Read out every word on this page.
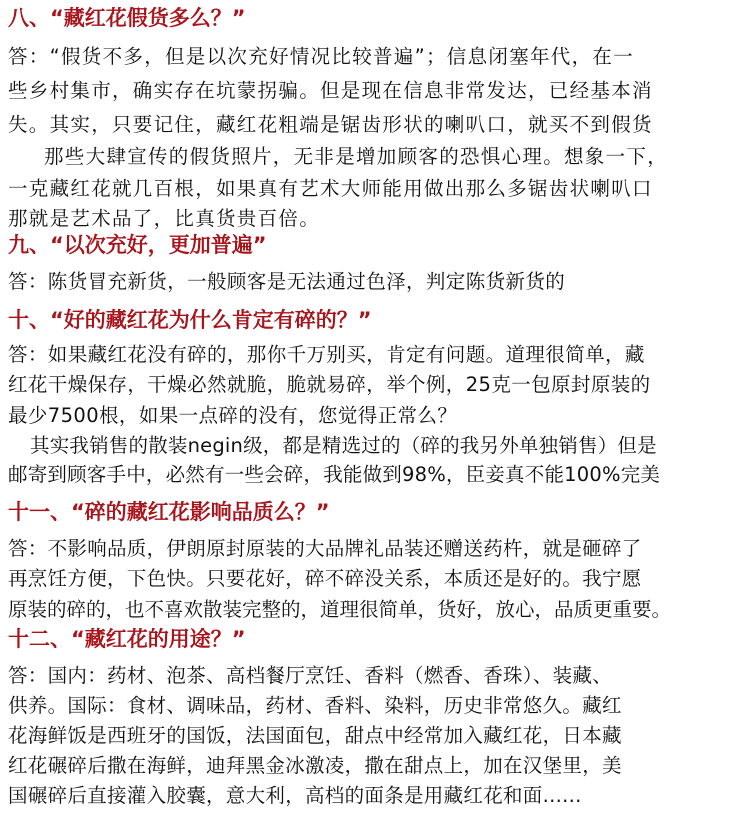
八、“藏红花假货多么？”

答：“假货不多，但是以次充好情况比较普遍”；信息闭塞年代，在一

些乡村集市，确实存在坑蒙拐骗。但是现在信息非常发达，已经基本消

失。其实，只要记住，藏红花粗端是锯齿形状的喇叭口，就买不到假货

那些大肆宣传的假货照片，无非是增加顾客的恐惧心理。想象一下，

一克藏红花就几百根，如果真有艺术大师能用做出那么多锯齿状喇叭口

那就是艺术品了，比真货贵百倍。

九、“以次充好，更加普遍”

答：陈货冒充新货，一般顾客是无法通过色泽，判定陈货新货的

十、“好的藏红花为什么肯定有碎的？”

答：如果藏红花没有碎的，那你千万别买，肯定有问题。道理很简单，藏

红花干燥保存，干燥必然就脆，脆就易碎，举个例，25克一包原封原装的

最少7500根，如果一点碎的没有，您觉得正常么？

其实我销售的散装negin级，都是精选过的（碎的我另外单独销售）但是

邮寄到顾客手中，必然有一些会碎，我能做到98%，臣妾真不能100%完美

十一、“碎的藏红花影响品质么？”

答：不影响品质，伊朗原封原装的大品牌礼品装还赠送药杵，就是砸碎了

再烹饪方便，下色快。只要花好，碎不碎没关系，本质还是好的。我宁愿

原装的碎的，也不喜欢散装完整的，道理很简单，货好，放心，品质更重要。

十二、“藏红花的用途？”

答：国内：药材、泡茶、高档餐厅烹饪、香料（燃香、香珠）、装藏、

供养。国际：食材、调味品，药材、香料、染料，历史非常悠久。藏红

花海鲜饭是西班牙的国饭，法国面包，甜点中经常加入藏红花，日本藏

红花碾碎后撒在海鲜，迪拜黑金冰激凌，撒在甜点上，加在汉堡里，美

国碾碎后直接灌入胶囊，意大利，高档的面条是用藏红花和面......
